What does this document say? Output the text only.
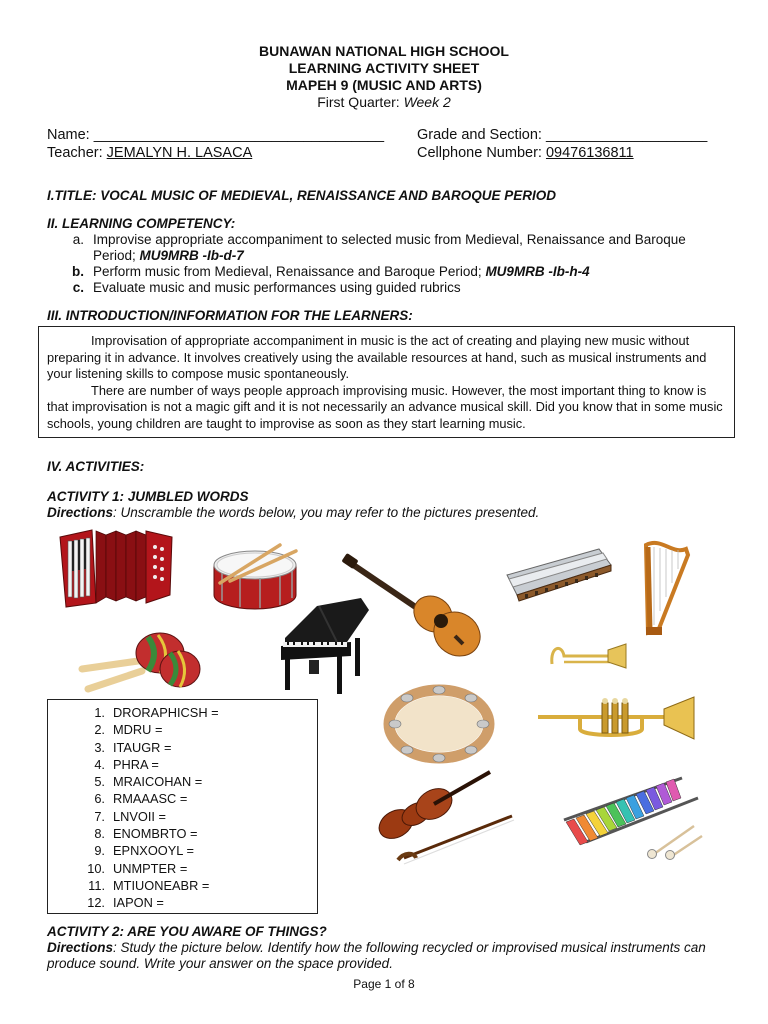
BUNAWAN NATIONAL HIGH SCHOOL
LEARNING ACTIVITY SHEET
MAPEH 9 (MUSIC AND ARTS)
First Quarter: Week 2
Name: ____________________________________ Grade and Section: ____________________
Teacher: JEMALYN H. LASACA	Cellphone Number: 09476136811
I.TITLE: VOCAL MUSIC OF MEDIEVAL, RENAISSANCE AND BAROQUE PERIOD
II. LEARNING COMPETENCY:
a. Improvise appropriate accompaniment to selected music from Medieval, Renaissance and Baroque
Period; MU9MRB -Ib-d-7
b. Perform music from Medieval, Renaissance and Baroque Period; MU9MRB -Ib-h-4
c. Evaluate music and music performances using guided rubrics
III. INTRODUCTION/INFORMATION FOR THE LEARNERS:

Improvisation of appropriate accompaniment in music is the act of creating and playing new music without preparing it in advance. It involves creatively using the available resources at hand, such as musical instruments and your listening skills to compose music spontaneously.

There are number of ways people approach improvising music. However, the most important thing to know is that improvisation is not a magic gift and it is not necessarily an advance musical skill. Did you know that in some music schools, young children are taught to improvise as soon as they start learning music.

IV. ACTIVITIES:
ACTIVITY 1: JUMBLED WORDS
Directions: Unscramble the words below, you may refer to the pictures presented.
1. DRORAPHICSH =
2. MDRU =
3. ITAUGR =
4. PHRA =
5. MRAICOHAN =
6. RMAAASC =
7. LNVOII =
8. ENOMBRTO =
9. EPNXOOYL =
10. UNMPTER =
11. MTIUONEABR =
12. IAPON =
ACTIVITY 2: ARE YOU AWARE OF THINGS?
Directions: Study the picture below. Identify how the following recycled or improvised musical instruments can produce sound. Write your answer on the space provided.
Page 1 of 8
